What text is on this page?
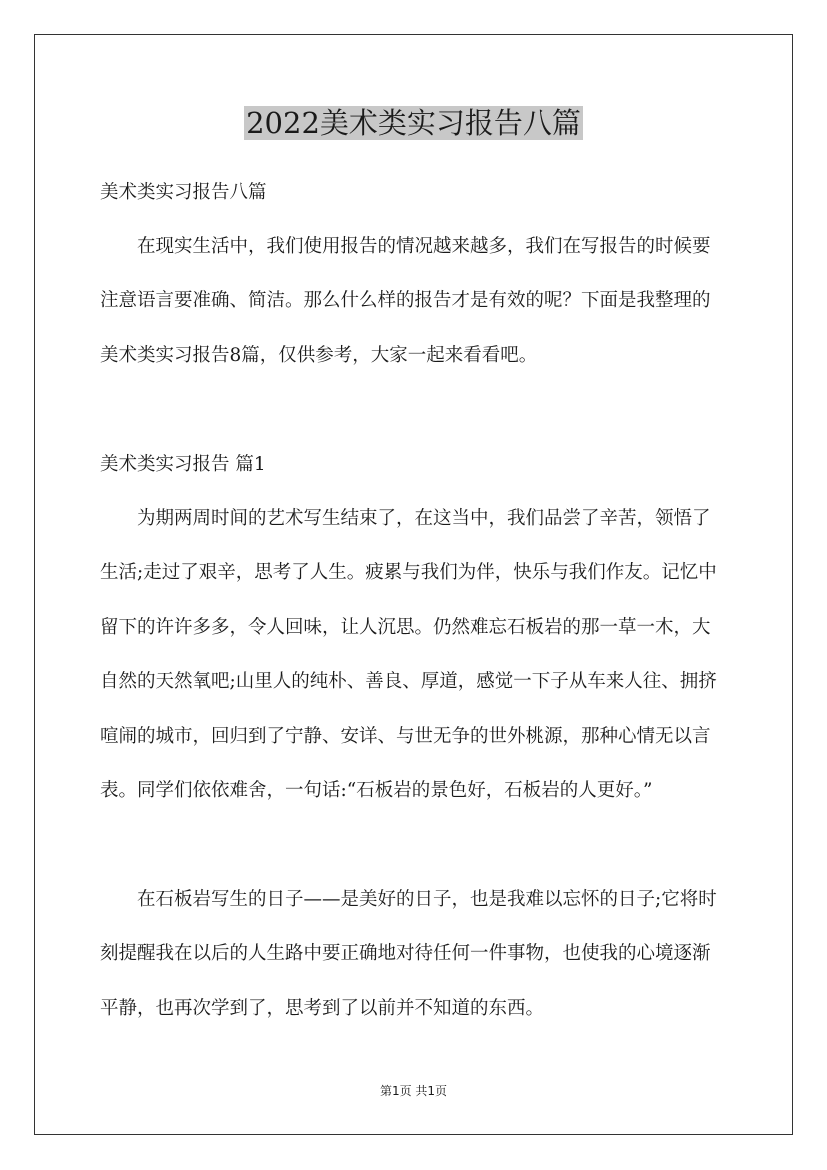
2022美术类实习报告八篇

美术类实习报告八篇

在现实生活中，我们使用报告的情况越来越多，我们在写报告的时候要注意语言要准确、简洁。那么什么样的报告才是有效的呢？下面是我整理的美术类实习报告8篇，仅供参考，大家一起来看看吧。

美术类实习报告 篇1

为期两周时间的艺术写生结束了，在这当中，我们品尝了辛苦，领悟了生活;走过了艰辛，思考了人生。疲累与我们为伴，快乐与我们作友。记忆中留下的许许多多，令人回味，让人沉思。仍然难忘石板岩的那一草一木，大自然的天然氧吧;山里人的纯朴、善良、厚道，感觉一下子从车来人往、拥挤喧闹的城市，回归到了宁静、安详、与世无争的世外桃源，那种心情无以言表。同学们依依难舍，一句话:“石板岩的景色好，石板岩的人更好。”

在石板岩写生的日子——是美好的日子，也是我难以忘怀的日子;它将时刻提醒我在以后的人生路中要正确地对待任何一件事物，也使我的心境逐渐平静，也再次学到了，思考到了以前并不知道的东西。

第1页 共1页
